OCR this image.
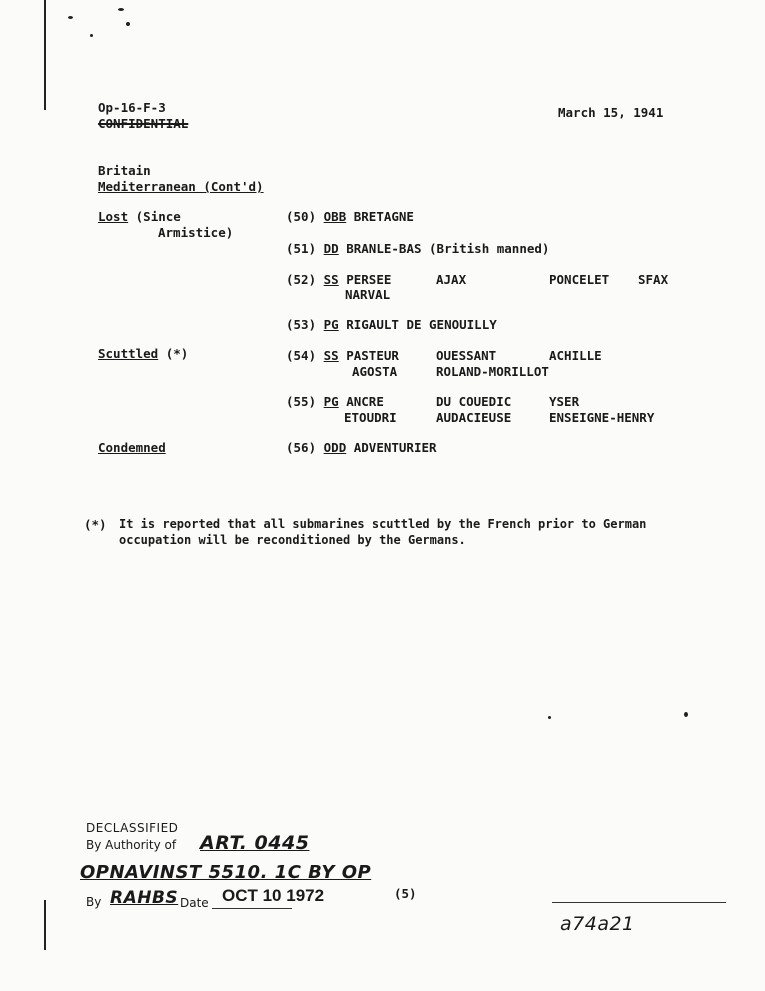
Op-16-F-3
CONFIDENTIAL
March 15, 1941
Britain
Mediterranean (Cont'd)
Lost (Since
Armistice)
Scuttled (*)
Condemned
(50) OBB BRETAGNE
(51) DD BRANLE-BAS (British manned)
(52) SS PERSEE
NARVAL
AJAX	PONCELET SFAX
(53) PG RIGAULT DE GENOUILLY
(54) SS PASTEUR
AGOSTA
OUESSANT
ROLAND-MORILLOT
ACHILLE
(55) PG ANCRE
ETOUDRI
DU COUEDIC
AUDACIEUSE
YSER
ENSEIGNE-HENRY
(56) ODD ADVENTURIER
(*) It is reported that all submarines scuttled by the French prior to German
occupation will be reconditioned by the Germans.
DECLASSIFIED
By Authority of ART. 0445
OPNAVINST 5510. 1C BY OP
By RAHBS Date OCT 10 1972	(5)
a74a21
